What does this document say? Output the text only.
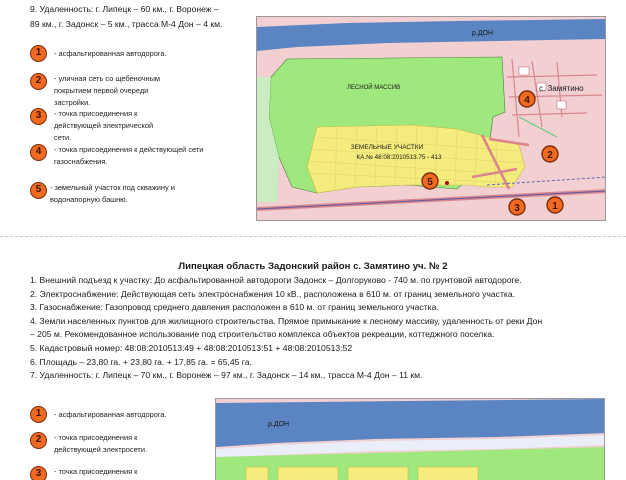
9. Удаленность: г. Липецк – 60 км., г. Воронеж –
89 км., г. Задонск – 5 км., трасса М-4 Дон – 4 км.
1	- асфальтированная автодорога.
2	- уличная сеть со щебеночным покрытием первой очереди застройки.
3	- точка присоединения к действующей электрической сети.
4	- точка присоединения к действующей сети газоснабжения.
5	- земельный участок под скважину и водонапорную башню.
1
2
3
4
5
р.ДОН
ЛЕСНОЙ МАССИВ	с. Замятино
ЗЕМЕЛЬНЫЕ УЧАСТКИ
КА.№ 48:08:2010513.75 - 413
Липецкая область Задонский район с. Замятино уч. № 2
1. Внешний подъезд к участку: До асфальтированной автодороги Задонск – Долгоруково - 740 м. по грунтовой автодороге.
2. Электроснабжение: Действующая сеть электроснабжения 10 кВ., расположена в 610 м. от границ земельного участка.
3. Газоснабжение: Газопровод среднего давления расположен в 610 м. от границ земельного участка.
4. Земли населенных пунктов для жилищного строительства. Прямое примыкание к лесному массиву, удаленность от реки Дон
– 205 м. Рекомендованное использование под строительство комплекса объектов рекреации, коттеджного поселка.
5. Кадастровый номер: 48:08:2010513:49 + 48:08:2010513:51 + 48:08:2010513:52
6. Площадь – 23,80 га. + 23,80 га. + 17,85 га. = 65,45 га.
7. Удаленность: г. Липецк – 70 км., г. Воронеж – 97 км., г. Задонск – 14 км., трасса М-4 Дон – 11 км.
1	- асфальтированная автодорога.
2	- точка присоединения к действующей электросети.
3	- точка присоединения к
р.ДОН
